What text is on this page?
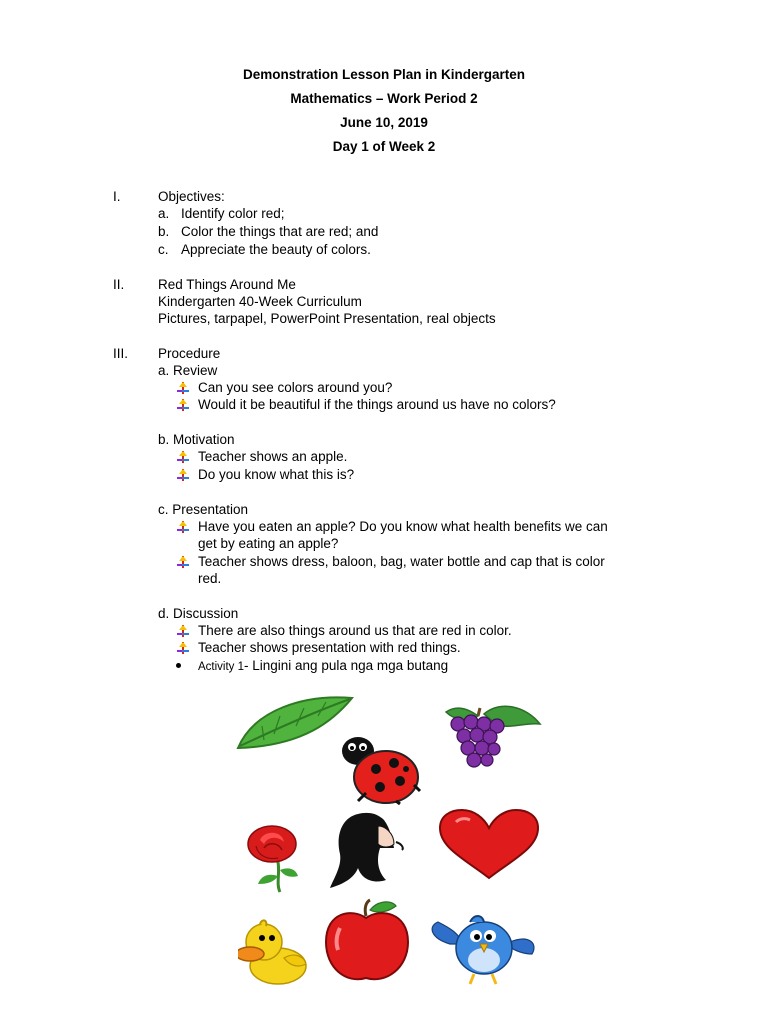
Demonstration Lesson Plan in Kindergarten
Mathematics – Work Period 2
June 10, 2019
Day 1 of Week 2
I.	Objectives:
a. Identify color red;
b. Color the things that are red; and
c. Appreciate the beauty of colors.
II. Red Things Around Me
Kindergarten 40-Week Curriculum
Pictures, tarpapel, PowerPoint Presentation, real objects
III. Procedure
a. Review
Can you see colors around you?
Would it be beautiful if the things around us have no colors?
b. Motivation
Teacher shows an apple.
Do you know what this is?
c. Presentation
Have you eaten an apple? Do you know what health benefits we can
get by eating an apple?
Teacher shows dress, baloon, bag, water bottle and cap that is color
red.
d. Discussion
There are also things around us that are red in color.
Teacher shows presentation with red things.
Activity 1- Lingini ang pula nga mga butang
